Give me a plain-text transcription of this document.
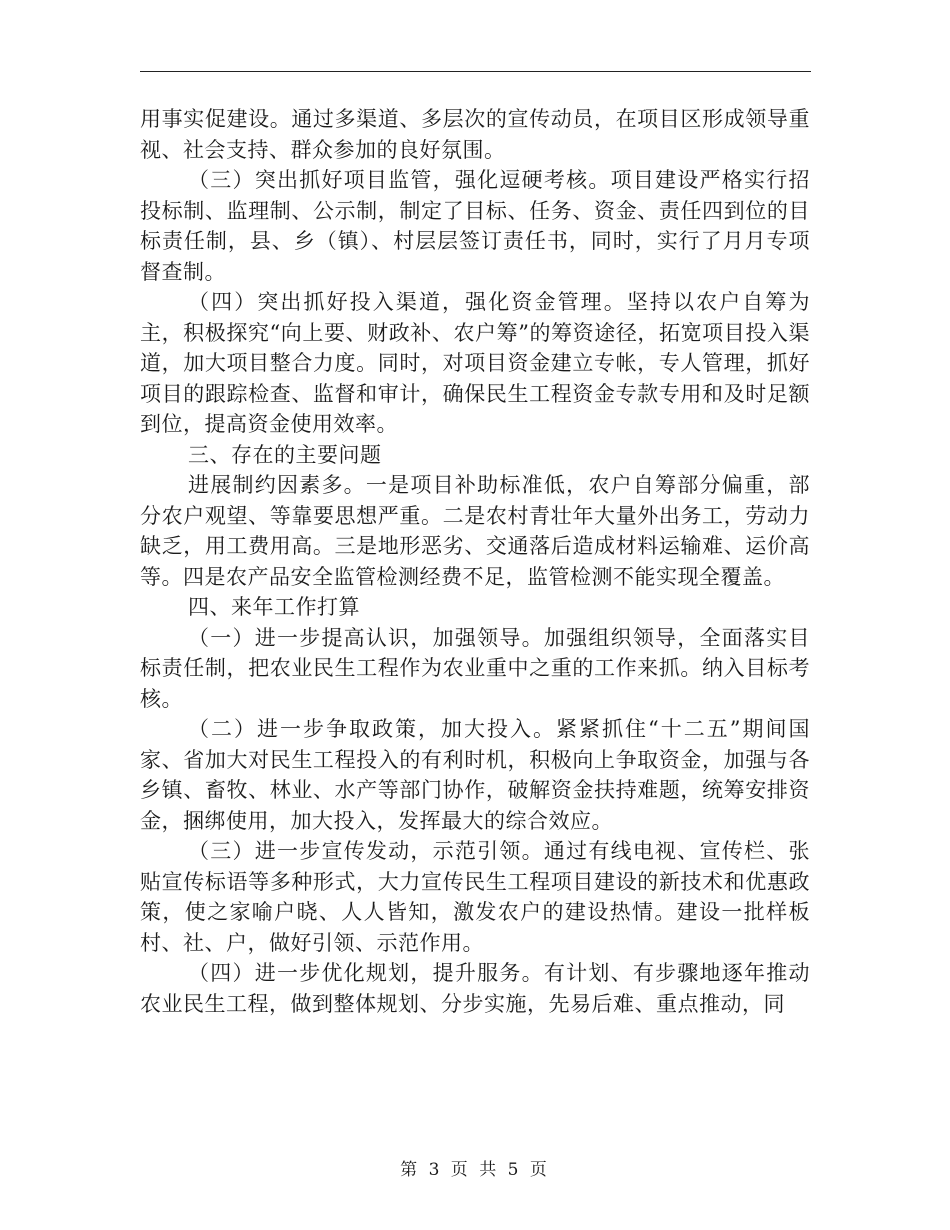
用事实促建设。通过多渠道、多层次的宣传动员，在项目区形成领导重视、社会支持、群众参加的良好氛围。

（三）突出抓好项目监管，强化逗硬考核。项目建设严格实行招投标制、监理制、公示制，制定了目标、任务、资金、责任四到位的目标责任制，县、乡（镇）、村层层签订责任书，同时，实行了月月专项督查制。

（四）突出抓好投入渠道，强化资金管理。坚持以农户自筹为主，积极探究“向上要、财政补、农户筹”的筹资途径，拓宽项目投入渠道，加大项目整合力度。同时，对项目资金建立专帐，专人管理，抓好项目的跟踪检查、监督和审计，确保民生工程资金专款专用和及时足额到位，提高资金使用效率。

三、存在的主要问题

进展制约因素多。一是项目补助标准低，农户自筹部分偏重，部分农户观望、等靠要思想严重。二是农村青壮年大量外出务工，劳动力缺乏，用工费用高。三是地形恶劣、交通落后造成材料运输难、运价高等。四是农产品安全监管检测经费不足，监管检测不能实现全覆盖。

四、来年工作打算

（一）进一步提高认识，加强领导。加强组织领导，全面落实目标责任制，把农业民生工程作为农业重中之重的工作来抓。纳入目标考核。

（二）进一步争取政策，加大投入。紧紧抓住“十二五”期间国家、省加大对民生工程投入的有利时机，积极向上争取资金，加强与各乡镇、畜牧、林业、水产等部门协作，破解资金扶持难题，统筹安排资金，捆绑使用，加大投入，发挥最大的综合效应。

（三）进一步宣传发动，示范引领。通过有线电视、宣传栏、张贴宣传标语等多种形式，大力宣传民生工程项目建设的新技术和优惠政策，使之家喻户晓、人人皆知，激发农户的建设热情。建设一批样板村、社、户，做好引领、示范作用。

（四）进一步优化规划，提升服务。有计划、有步骤地逐年推动农业民生工程，做到整体规划、分步实施，先易后难、重点推动，同

第 3 页 共 5 页
